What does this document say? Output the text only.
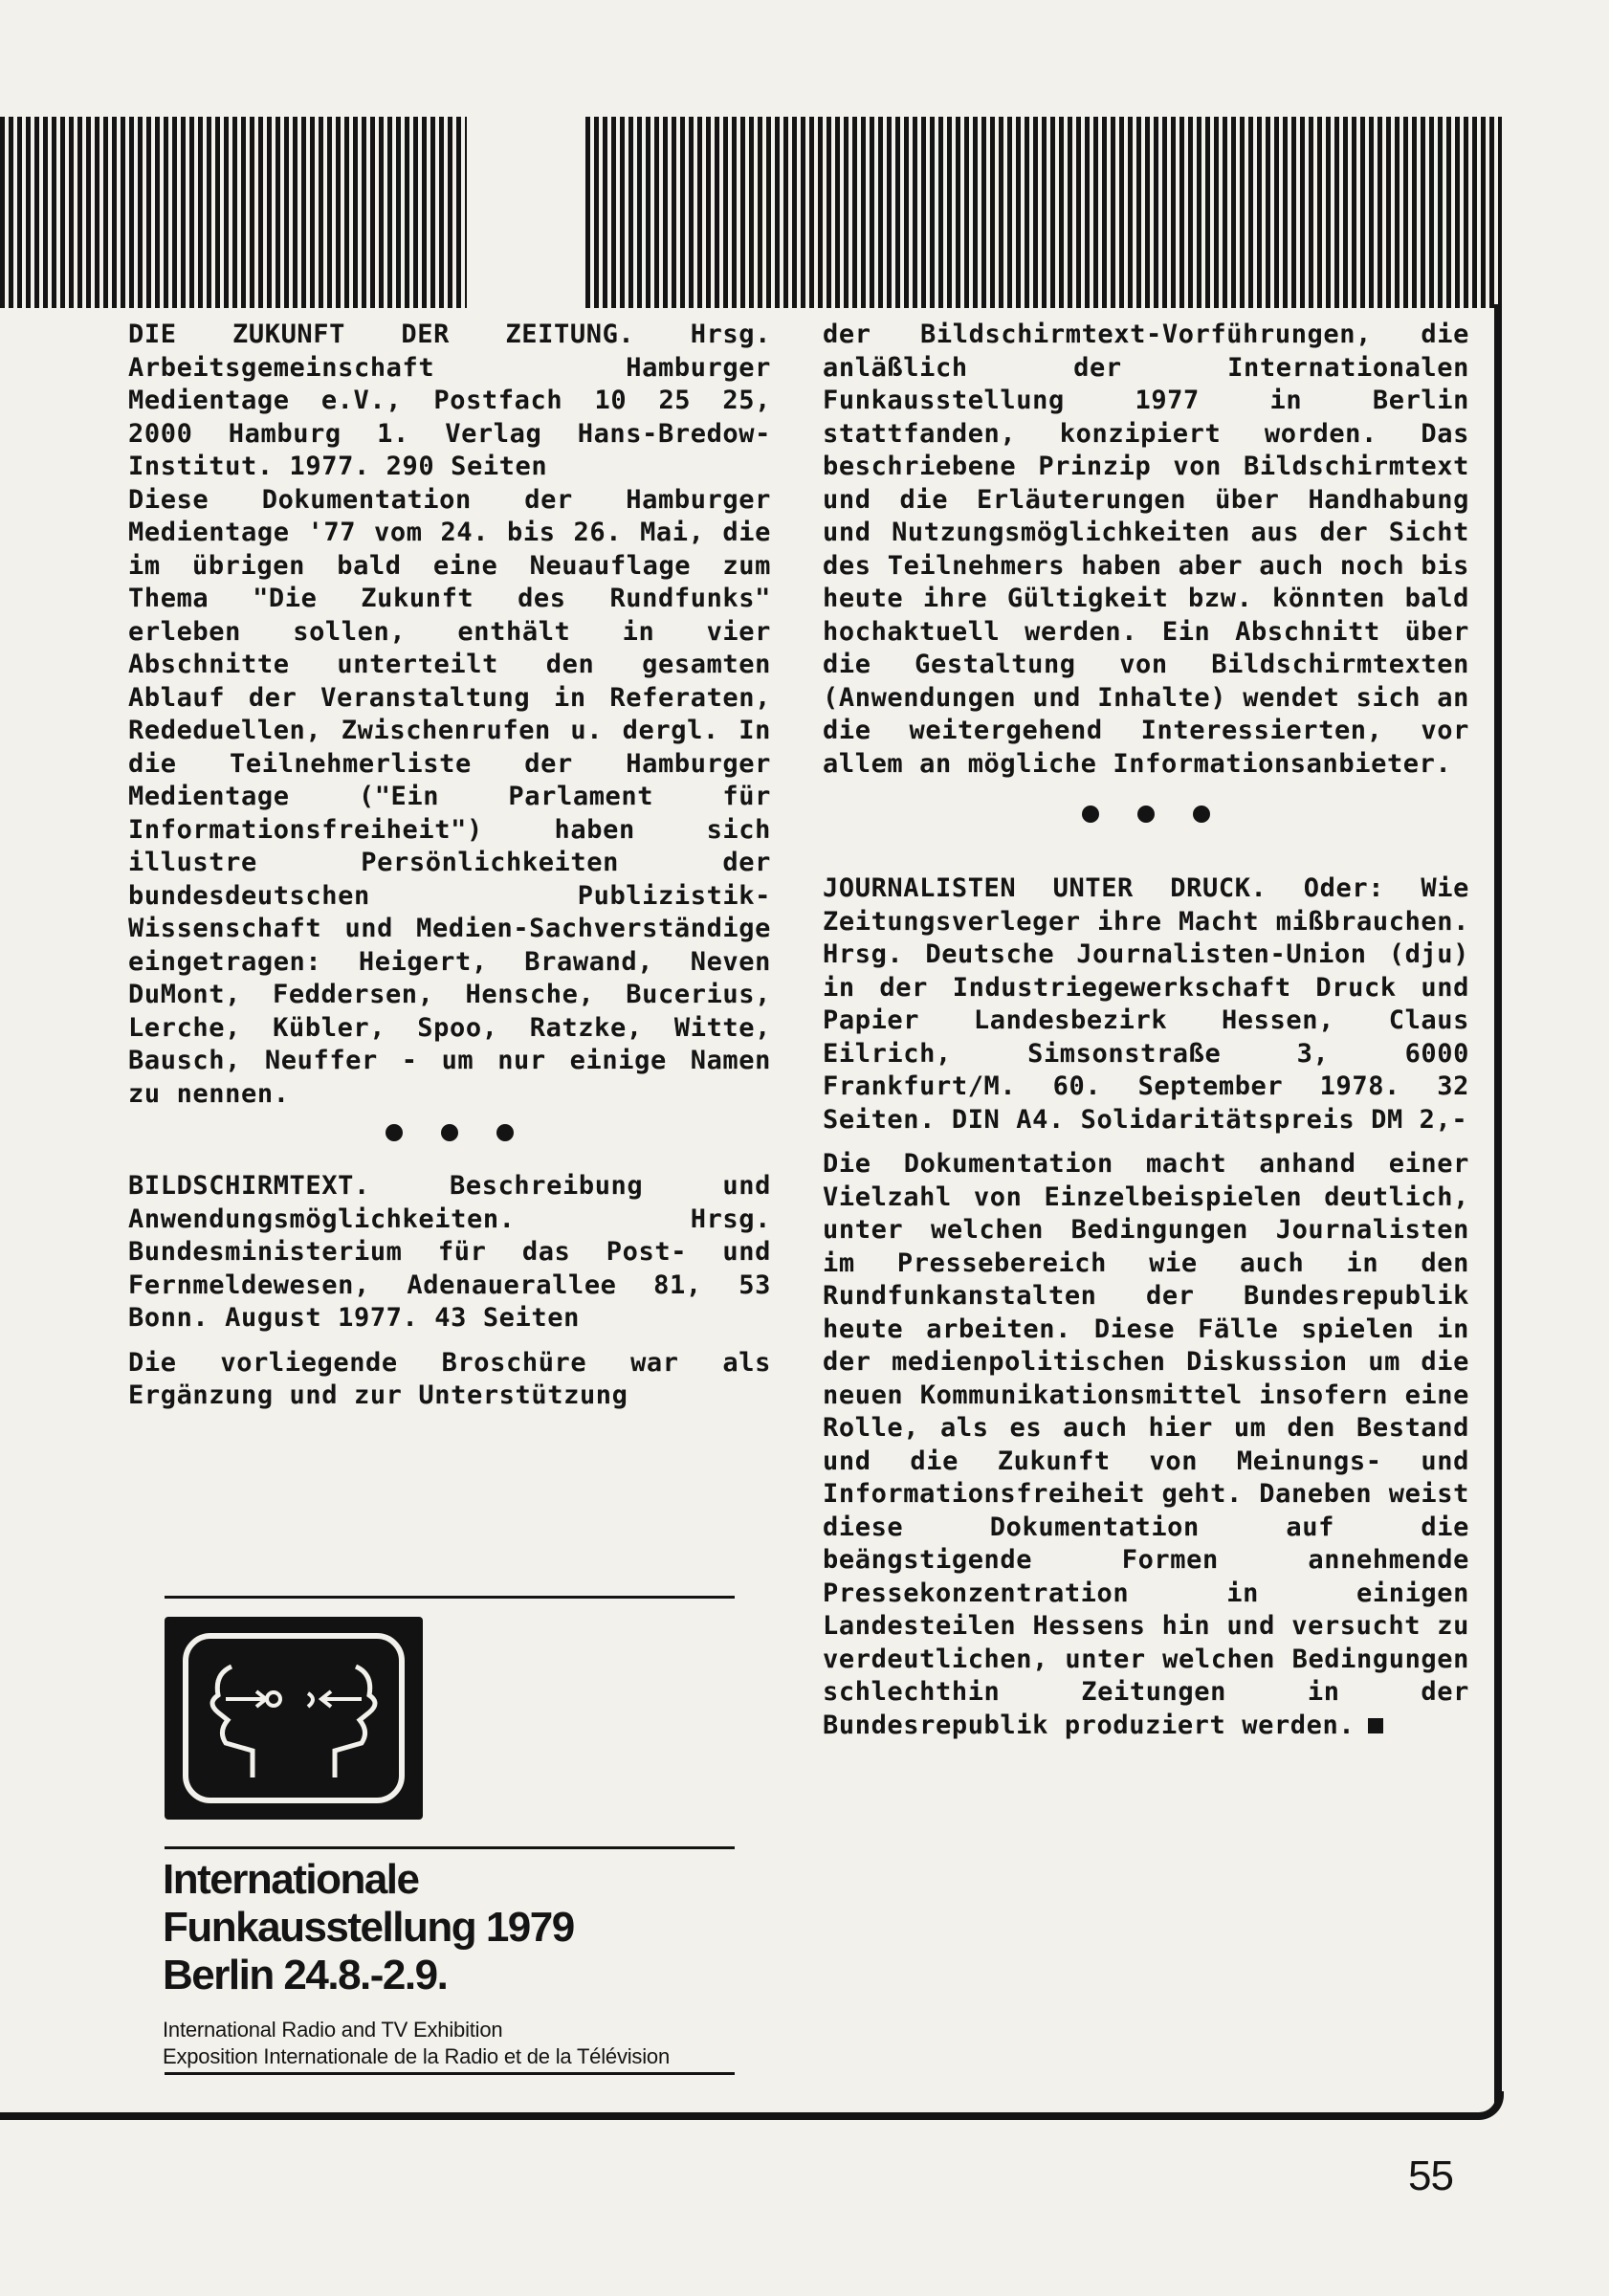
DIE ZUKUNFT DER ZEITUNG. Hrsg. Arbeitsgemeinschaft Hamburger Medientage e.V., Postfach 10 25 25, 2000 Hamburg 1. Verlag Hans-Bredow-Institut. 1977. 290 Seiten

Diese Dokumentation der Hamburger Medientage '77 vom 24. bis 26. Mai, die im übrigen bald eine Neuauflage zum Thema "Die Zukunft des Rundfunks" erleben sollen, enthält in vier Abschnitte unterteilt den gesamten Ablauf der Veranstaltung in Referaten, Rededuellen, Zwischenrufen u. dergl. In die Teilnehmerliste der Hamburger Medientage ("Ein Parlament für Informationsfreiheit") haben sich illustre Persönlichkeiten der bundesdeutschen Publizistik-Wissenschaft und Medien-Sachverständige eingetragen: Heigert, Brawand, Neven DuMont, Feddersen, Hensche, Bucerius, Lerche, Kübler, Spoo, Ratzke, Witte, Bausch, Neuffer - um nur einige Namen zu nennen.

BILDSCHIRMTEXT. Beschreibung und Anwendungsmöglichkeiten. Hrsg. Bundesministerium für das Post- und Fernmeldewesen, Adenauerallee 81, 53 Bonn. August 1977. 43 Seiten

Die vorliegende Broschüre war als Ergänzung und zur Unterstützung

Internationale

Funkausstellung 1979

Berlin 24.8.-2.9.

International Radio and TV Exhibition

Exposition Internationale de la Radio et de la Télévision

der Bildschirmtext-Vorführungen, die anläßlich der Internationalen Funkausstellung 1977 in Berlin stattfanden, konzipiert worden. Das beschriebene Prinzip von Bildschirmtext und die Erläuterungen über Handhabung und Nutzungsmöglichkeiten aus der Sicht des Teilnehmers haben aber auch noch bis heute ihre Gültigkeit bzw. könnten bald hochaktuell werden. Ein Abschnitt über die Gestaltung von Bildschirmtexten (Anwendungen und Inhalte) wendet sich an die weitergehend Interessierten, vor allem an mögliche Informationsanbieter.

JOURNALISTEN UNTER DRUCK. Oder: Wie Zeitungsverleger ihre Macht mißbrauchen. Hrsg. Deutsche Journalisten-Union (dju) in der Industriegewerkschaft Druck und Papier Landesbezirk Hessen, Claus Eilrich, Simsonstraße 3, 6000 Frankfurt/M. 60. September 1978. 32 Seiten. DIN A4. Solidaritätspreis DM 2,-

Die Dokumentation macht anhand einer Vielzahl von Einzelbeispielen deutlich, unter welchen Bedingungen Journalisten im Pressebereich wie auch in den Rundfunkanstalten der Bundesrepublik heute arbeiten. Diese Fälle spielen in der medienpolitischen Diskussion um die neuen Kommunikationsmittel insofern eine Rolle, als es auch hier um den Bestand und die Zukunft von Meinungs- und Informationsfreiheit geht. Daneben weist diese Dokumentation auf die beängstigende Formen annehmende Pressekonzentration in einigen Landesteilen Hessens hin und versucht zu verdeutlichen, unter welchen Bedingungen schlechthin Zeitungen in der Bundesrepublik produziert werden.

55
